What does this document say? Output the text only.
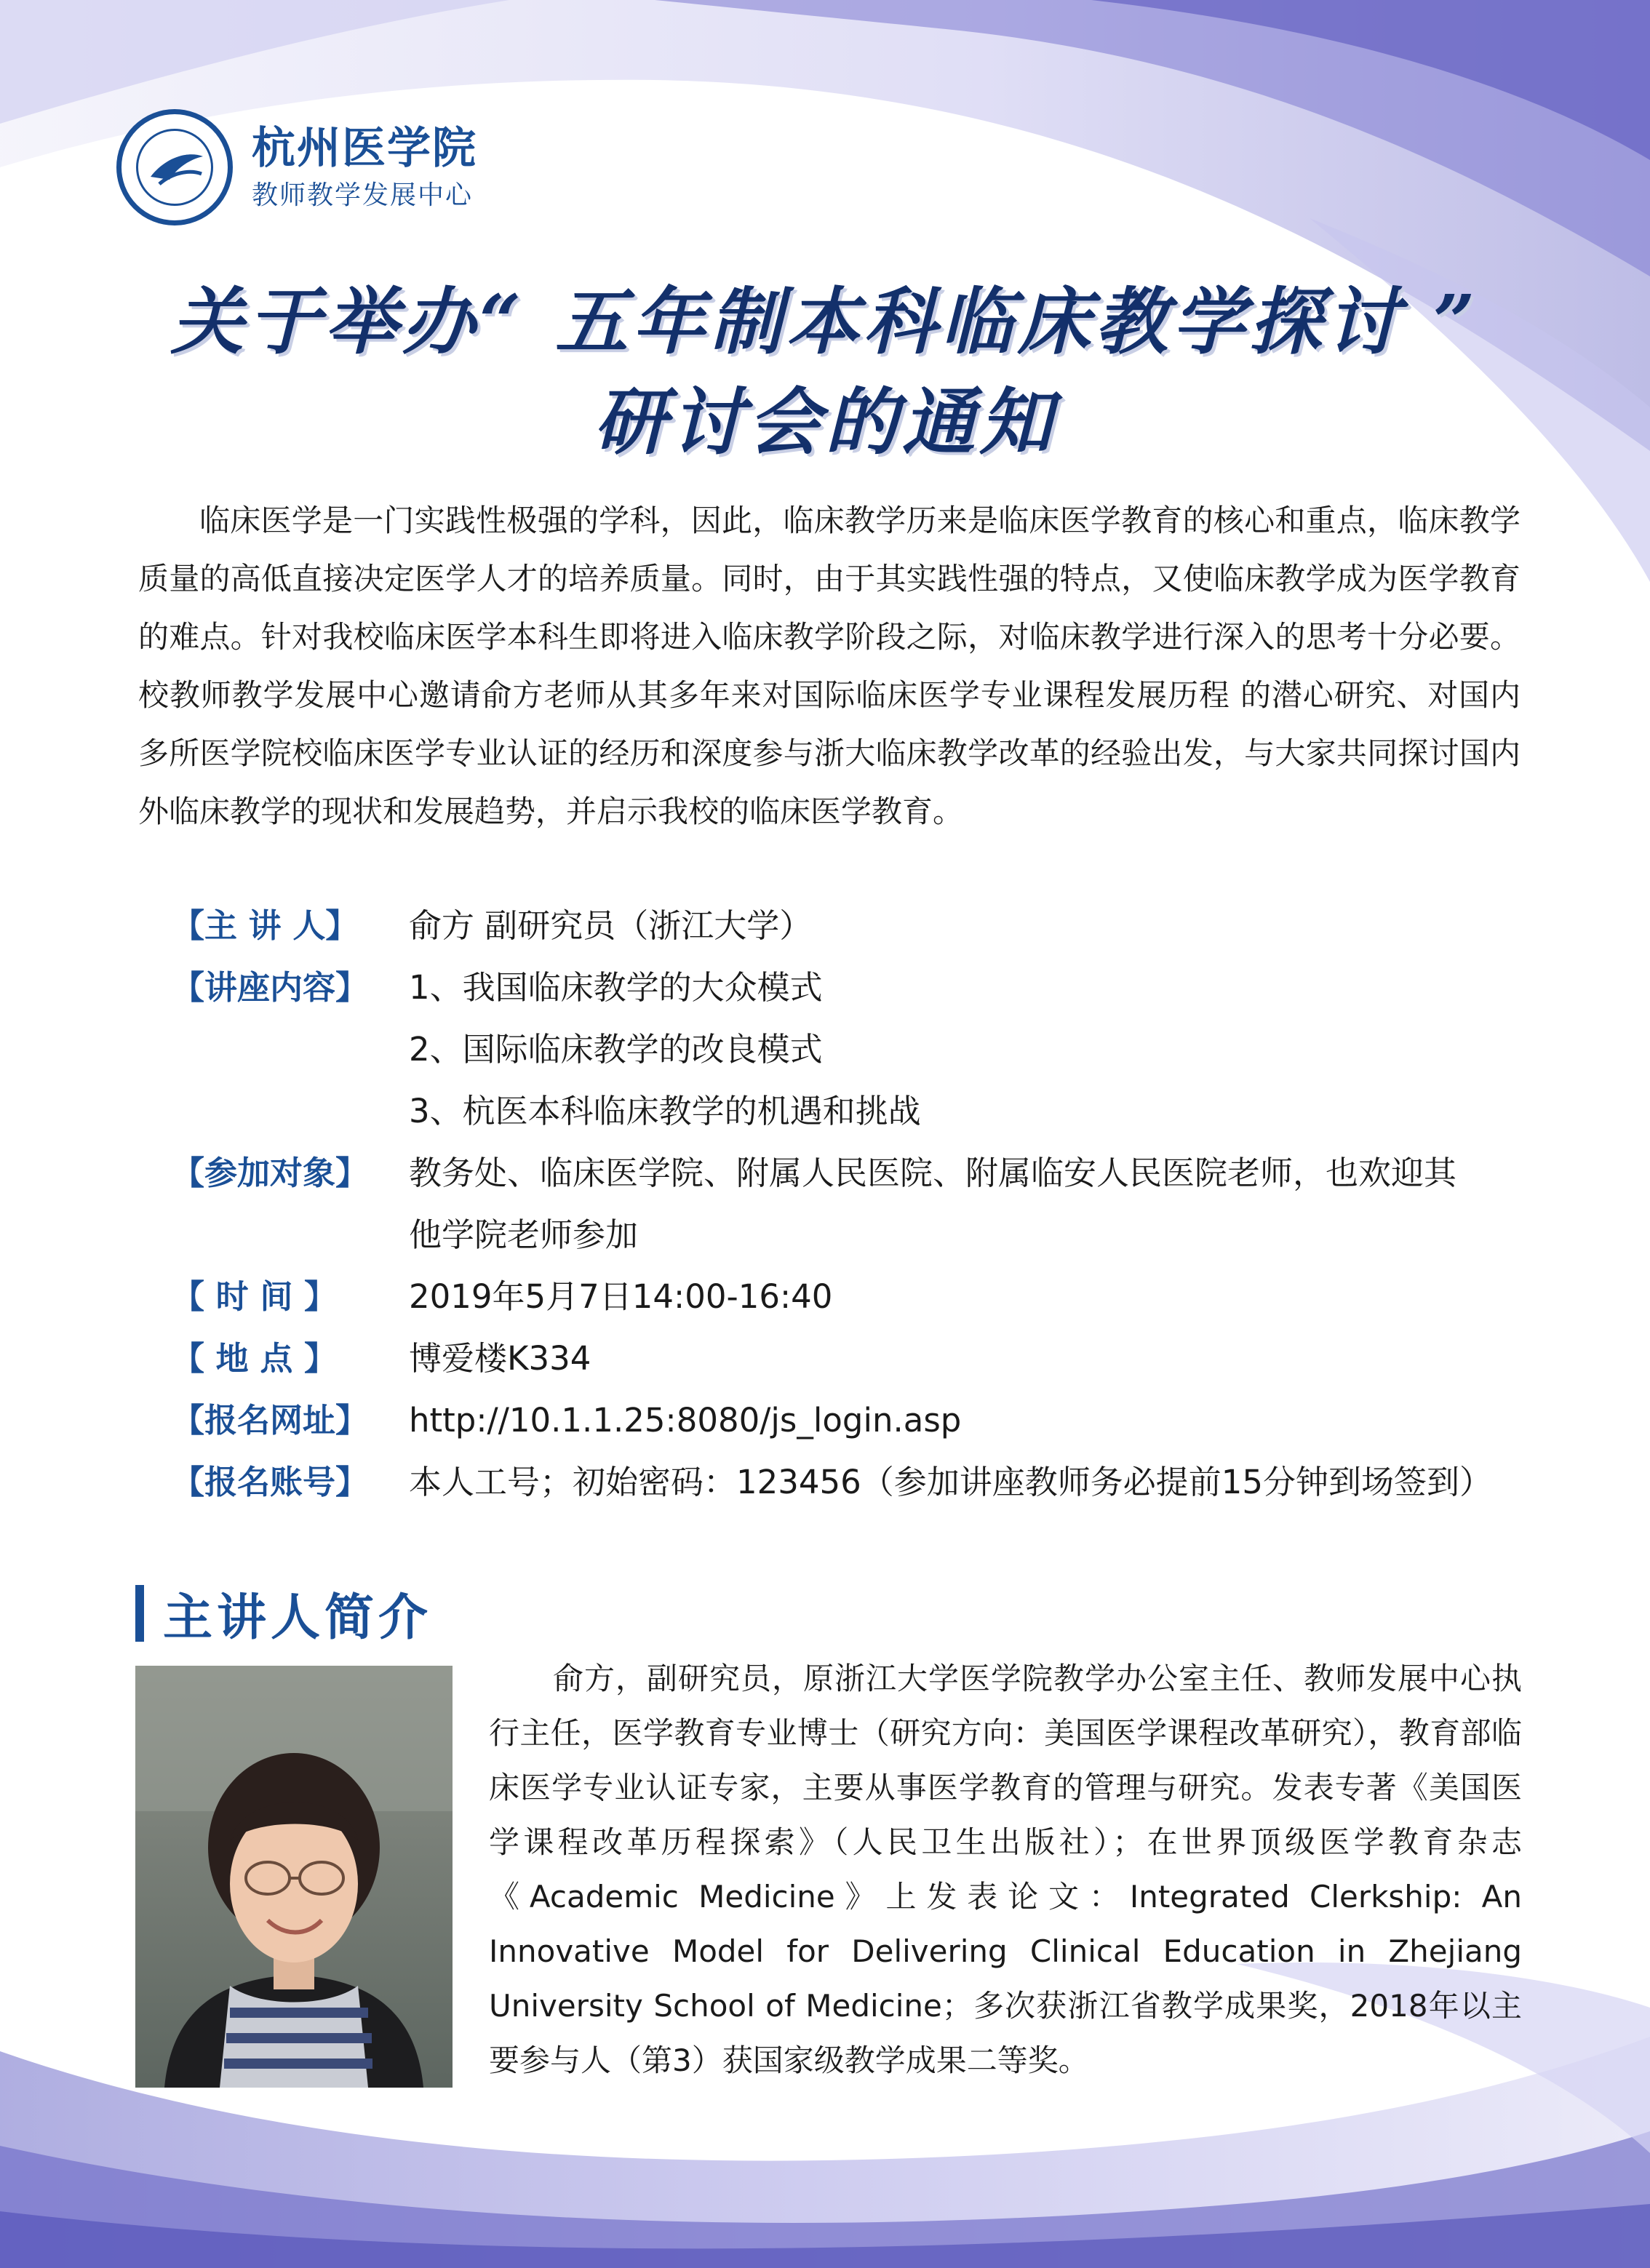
杭州医学院
教师教学发展中心
关于举办“ 五年制本科临床教学探讨 ”
研讨会的通知
临床医学是一门实践性极强的学科，因此，临床教学历来是临床医学教育的核心和重点，临床教学质量的高低直接决定医学人才的培养质量。同时，由于其实践性强的特点，又使临床教学成为医学教育的难点。针对我校临床医学本科生即将进入临床教学阶段之际，对临床教学进行深入的思考十分必要。校教师教学发展中心邀请俞方老师从其多年来对国际临床医学专业课程发展历程 的潜心研究、对国内多所医学院校临床医学专业认证的经历和深度参与浙大临床教学改革的经验出发，与大家共同探讨国内外临床教学的现状和发展趋势，并启示我校的临床医学教育。
【主 讲 人】	俞方 副研究员（浙江大学）
【讲座内容】	1、我国临床教学的大众模式
2、国际临床教学的改良模式
3、杭医本科临床教学的机遇和挑战
【参加对象】	教务处、临床医学院、附属人民医院、附属临安人民医院老师，也欢迎其
他学院老师参加
【 时 间 】	2019年5月7日14:00-16:40
【 地 点 】	博爱楼K334
【报名网址】	http://10.1.1.25:8080/js_login.asp
【报名账号】	本人工号；初始密码：123456（参加讲座教师务必提前15分钟到场签到）
主讲人简介
俞方，副研究员，原浙江大学医学院教学办公室主任、教师发展中心执行主任，医学教育专业博士（研究方向：美国医学课程改革研究），教育部临床医学专业认证专家，主要从事医学教育的管理与研究。发表专著《美国医学课程改革历程探索》（人民卫生出版社）；在世界顶级医学教育杂志《Academic Medicine》上发表论文：Integrated Clerkship: An Innovative Model for Delivering Clinical Education in Zhejiang University School of Medicine；多次获浙江省教学成果奖，2018年以主要参与人（第3）获国家级教学成果二等奖。
